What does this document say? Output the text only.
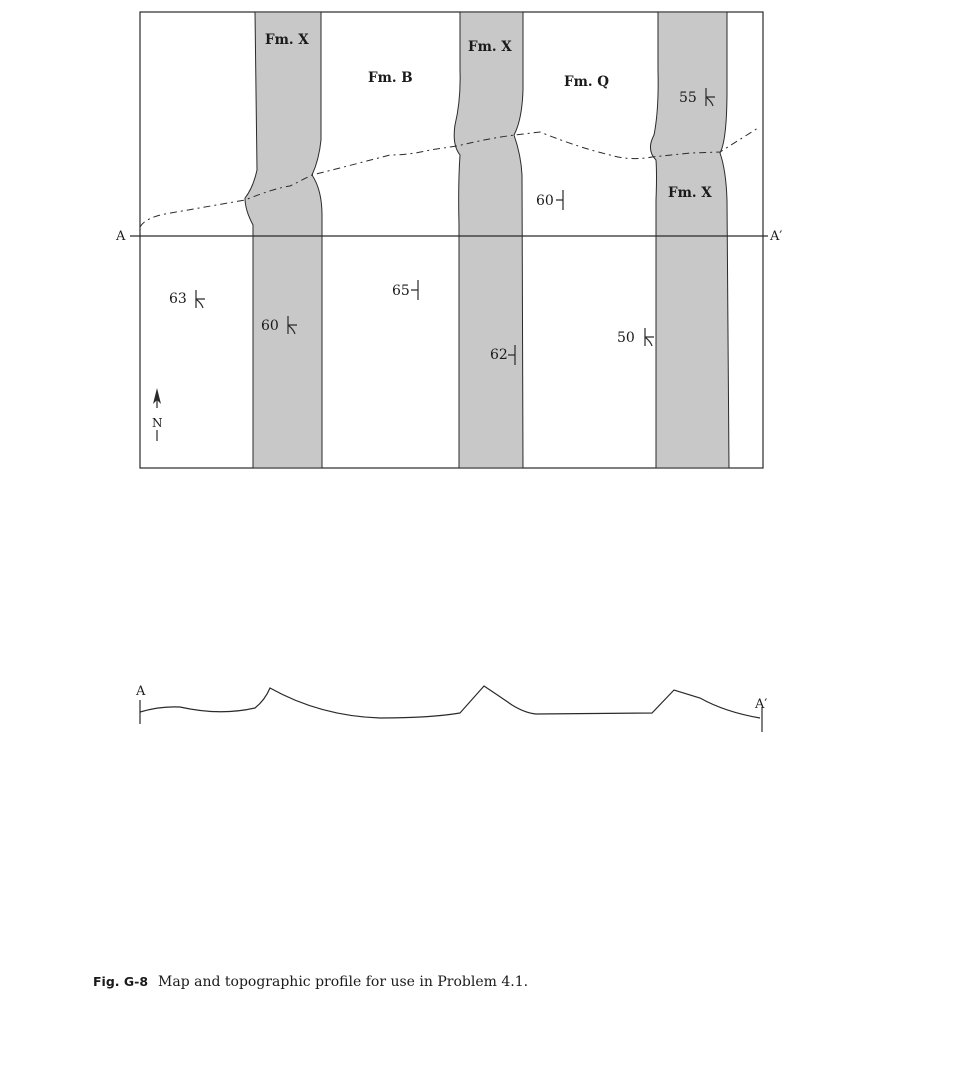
A	A′
Fm. X
Fm. B
Fm. X
Fm. Q
Fm. X
63
60
65
62
60
50
55
N
A
A′
Fig. G-8 Map and topographic profile for use in Problem 4.1.
